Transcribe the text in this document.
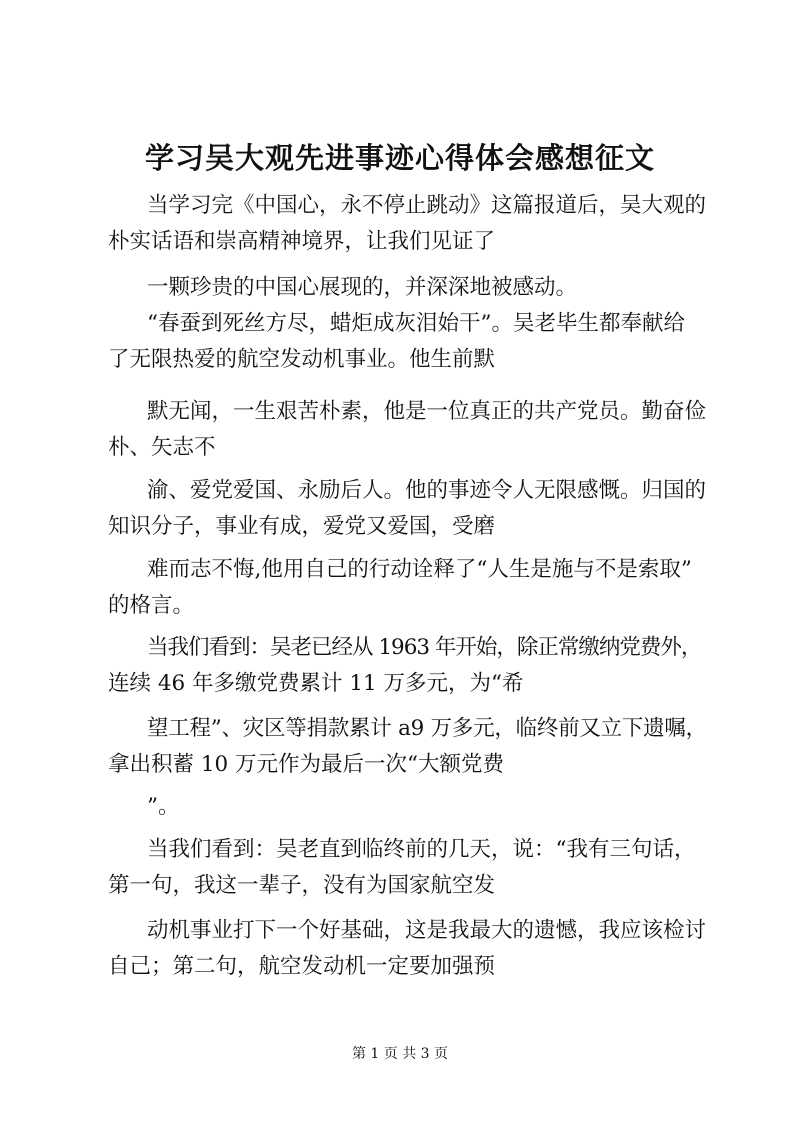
学习吴大观先进事迹心得体会感想征文

当学习完《中国心，永不停止跳动》这篇报道后，吴大观的
朴实话语和崇高精神境界，让我们见证了

一颗珍贵的中国心展现的，并深深地被感动。

“春蚕到死丝方尽，蜡炬成灰泪始干”。吴老毕生都奉献给
了无限热爱的航空发动机事业。他生前默

默无闻，一生艰苦朴素，他是一位真正的共产党员。勤奋俭
朴、矢志不

渝、爱党爱国、永励后人。他的事迹令人无限感慨。归国的
知识分子，事业有成，爱党又爱国，受磨

难而志不悔,他用自己的行动诠释了“人生是施与不是索取”
的格言。

当我们看到：吴老已经从 1963 年开始，除正常缴纳党费外，
连续 46 年多缴党费累计 11 万多元，为“希

望工程”、灾区等捐款累计 a9 万多元，临终前又立下遗嘱，
拿出积蓄 10 万元作为最后一次“大额党费

”。

当我们看到：吴老直到临终前的几天，说：“我有三句话，
第一句，我这一辈子，没有为国家航空发

动机事业打下一个好基础，这是我最大的遗憾，我应该检讨
自己；第二句，航空发动机一定要加强预

第 1 页 共 3 页
